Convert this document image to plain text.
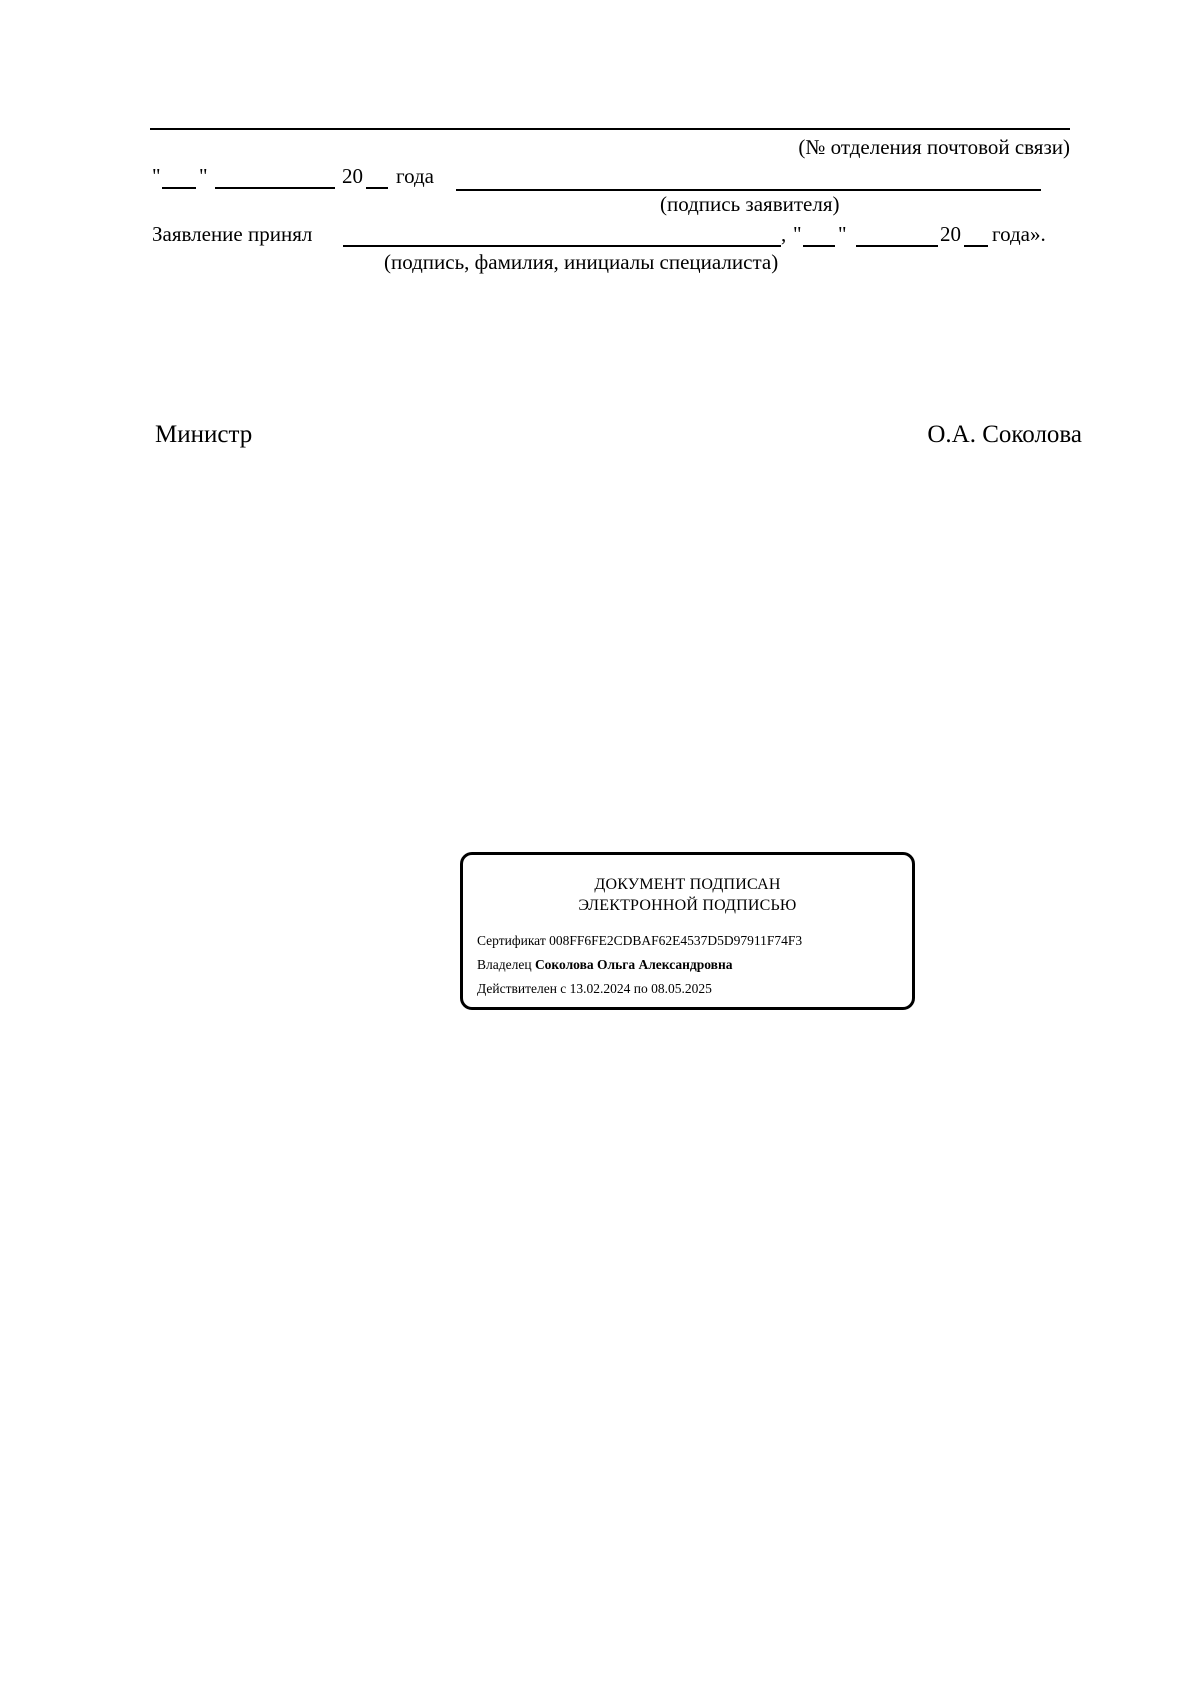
(№ отделения почтовой связи)
" "	20 года
(подпись заявителя)
Заявление принял	, " "	20 года».
(подпись, фамилия, инициалы специалиста)
Министр	О.А. Соколова
ДОКУМЕНТ ПОДПИСАН
ЭЛЕКТРОННОЙ ПОДПИСЬЮ
Сертификат 008FF6FE2CDBAF62E4537D5D97911F74F3
Владелец Соколова Ольга Александровна
Действителен с 13.02.2024 по 08.05.2025
